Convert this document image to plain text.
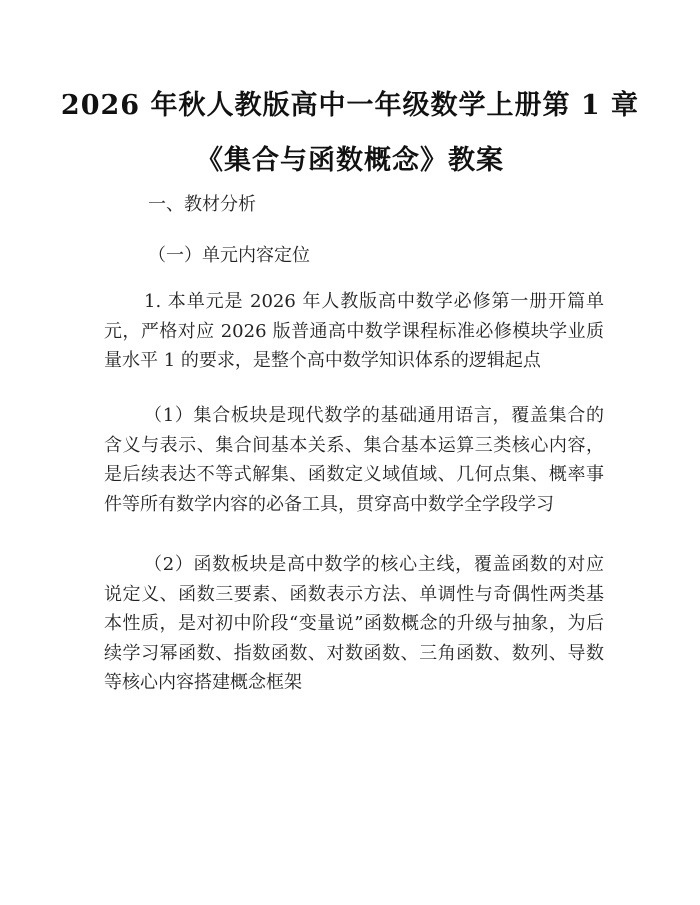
2026 年秋人教版高中一年级数学上册第 1 章
《集合与函数概念》教案
一、教材分析
（一）单元内容定位

1. 本单元是 2026 年人教版高中数学必修第一册开篇单元，严格对应 2026 版普通高中数学课程标准必修模块学业质量水平 1 的要求，是整个高中数学知识体系的逻辑起点

（1）集合板块是现代数学的基础通用语言，覆盖集合的含义与表示、集合间基本关系、集合基本运算三类核心内容，是后续表达不等式解集、函数定义域值域、几何点集、概率事件等所有数学内容的必备工具，贯穿高中数学全学段学习

（2）函数板块是高中数学的核心主线，覆盖函数的对应说定义、函数三要素、函数表示方法、单调性与奇偶性两类基本性质，是对初中阶段“变量说”函数概念的升级与抽象，为后续学习幂函数、指数函数、对数函数、三角函数、数列、导数等核心内容搭建概念框架
